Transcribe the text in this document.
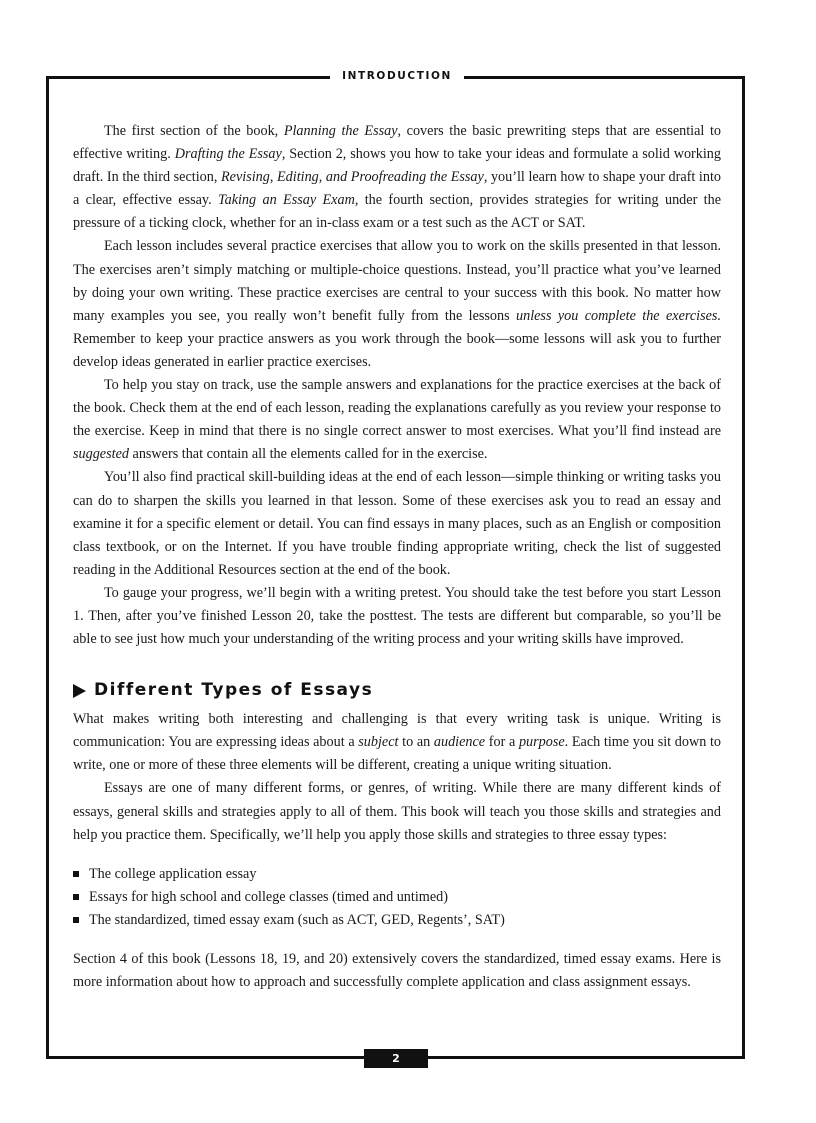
INTRODUCTION

The first section of the book, Planning the Essay, covers the basic prewriting steps that are essential to effective writing. Drafting the Essay, Section 2, shows you how to take your ideas and formulate a solid working draft. In the third section, Revising, Editing, and Proofreading the Essay, you’ll learn how to shape your draft into a clear, effective essay. Taking an Essay Exam, the fourth section, provides strategies for writing under the pressure of a ticking clock, whether for an in-class exam or a test such as the ACT or SAT.

Each lesson includes several practice exercises that allow you to work on the skills presented in that lesson. The exercises aren’t simply matching or multiple-choice questions. Instead, you’ll practice what you’ve learned by doing your own writing. These practice exercises are central to your success with this book. No matter how many examples you see, you really won’t benefit fully from the lessons unless you complete the exercises. Remember to keep your practice answers as you work through the book—some lessons will ask you to further develop ideas generated in earlier practice exercises.

To help you stay on track, use the sample answers and explanations for the practice exercises at the back of the book. Check them at the end of each lesson, reading the explanations carefully as you review your response to the exercise. Keep in mind that there is no single correct answer to most exercises. What you’ll find instead are suggested answers that contain all the elements called for in the exercise.

You’ll also find practical skill-building ideas at the end of each lesson—simple thinking or writing tasks you can do to sharpen the skills you learned in that lesson. Some of these exercises ask you to read an essay and examine it for a specific element or detail. You can find essays in many places, such as an English or composition class textbook, or on the Internet. If you have trouble finding appropriate writing, check the list of suggested reading in the Additional Resources section at the end of the book.

To gauge your progress, we’ll begin with a writing pretest. You should take the test before you start Lesson 1. Then, after you’ve finished Lesson 20, take the posttest. The tests are different but comparable, so you’ll be able to see just how much your understanding of the writing process and your writing skills have improved.

Different Types of Essays

What makes writing both interesting and challenging is that every writing task is unique. Writing is communication: You are expressing ideas about a subject to an audience for a purpose. Each time you sit down to write, one or more of these three elements will be different, creating a unique writing situation.

Essays are one of many different forms, or genres, of writing. While there are many different kinds of essays, general skills and strategies apply to all of them. This book will teach you those skills and strategies and help you practice them. Specifically, we’ll help you apply those skills and strategies to three essay types:

The college application essay
Essays for high school and college classes (timed and untimed)
The standardized, timed essay exam (such as ACT, GED, Regents’, SAT)

Section 4 of this book (Lessons 18, 19, and 20) extensively covers the standardized, timed essay exams. Here is more information about how to approach and successfully complete application and class assignment essays.

2
